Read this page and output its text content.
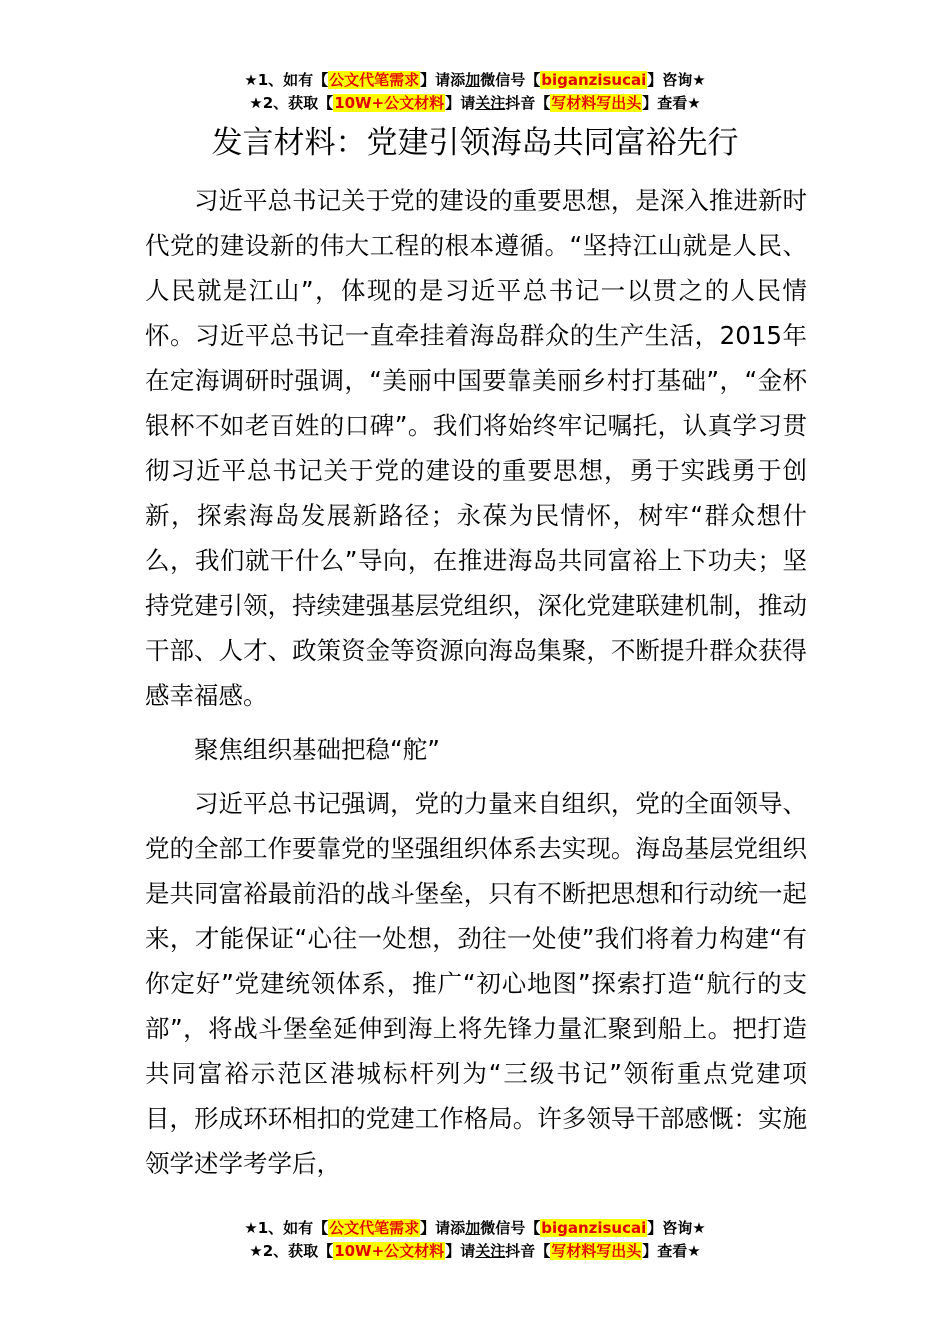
★1、如有【公文代笔需求】请添加微信号【biganzisucai】咨询★
★2、获取【10W+公文材料】请关注抖音【写材料写出头】查看★
发言材料：党建引领海岛共同富裕先行

习近平总书记关于党的建设的重要思想，是深入推进新时代党的建设新的伟大工程的根本遵循。“坚持江山就是人民、人民就是江山”，体现的是习近平总书记一以贯之的人民情怀。习近平总书记一直牵挂着海岛群众的生产生活，2015年在定海调研时强调，“美丽中国要靠美丽乡村打基础”，“金杯银杯不如老百姓的口碑”。我们将始终牢记嘱托，认真学习贯彻习近平总书记关于党的建设的重要思想，勇于实践勇于创新，探索海岛发展新路径；永葆为民情怀，树牢“群众想什么，我们就干什么”导向，在推进海岛共同富裕上下功夫；坚持党建引领，持续建强基层党组织，深化党建联建机制，推动干部、人才、政策资金等资源向海岛集聚，不断提升群众获得感幸福感。

聚焦组织基础把稳“舵”

习近平总书记强调，党的力量来自组织，党的全面领导、党的全部工作要靠党的坚强组织体系去实现。海岛基层党组织是共同富裕最前沿的战斗堡垒，只有不断把思想和行动统一起来，才能保证“心往一处想，劲往一处使”我们将着力构建“有你定好”党建统领体系，推广“初心地图”探索打造“航行的支部”，将战斗堡垒延伸到海上将先锋力量汇聚到船上。把打造共同富裕示范区港城标杆列为“三级书记”领衔重点党建项目，形成环环相扣的党建工作格局。许多领导干部感慨：实施领学述学考学后，

★1、如有【公文代笔需求】请添加微信号【biganzisucai】咨询★
★2、获取【10W+公文材料】请关注抖音【写材料写出头】查看★
